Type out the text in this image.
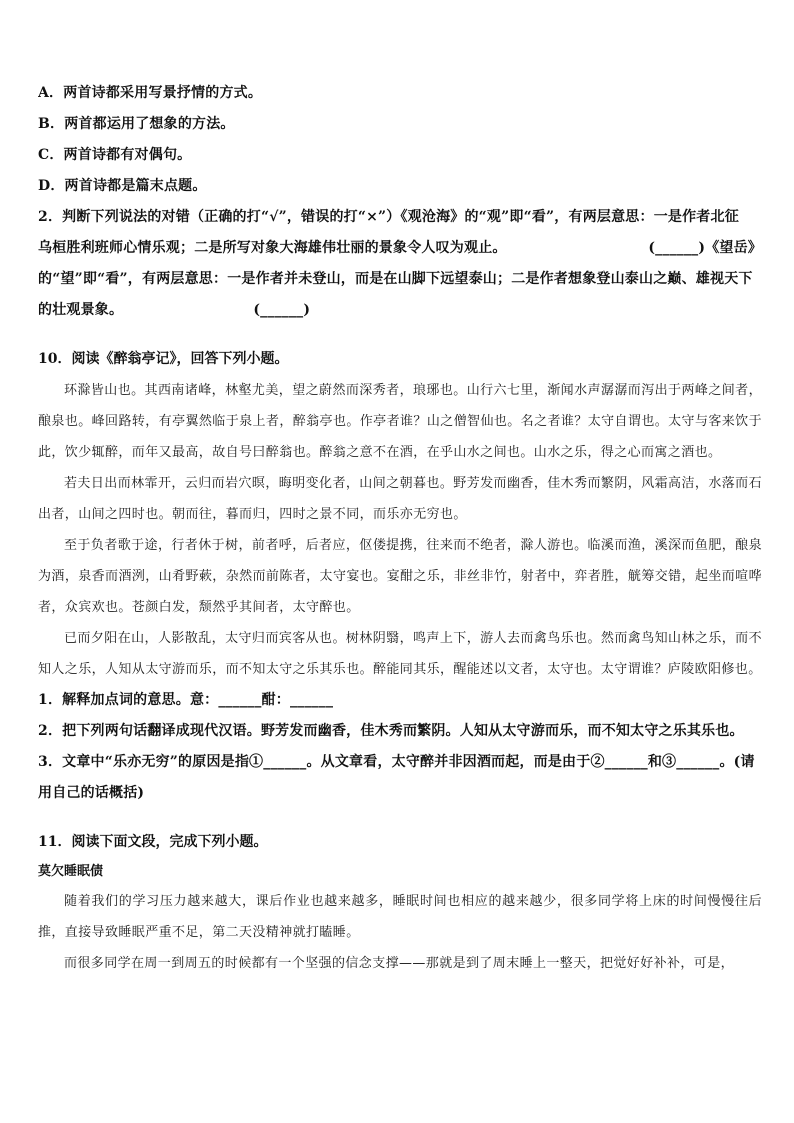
A．两首诗都采用写景抒情的方式。
B．两首都运用了想象的方法。
C．两首诗都有对偶句。
D．两首诗都是篇末点题。
2．判断下列说法的对错（正确的打“√”，错误的打“×”）《观沧海》的“观”即“看”，有两层意思：一是作者北征
乌桓胜利班师心情乐观；二是所写对象大海雄伟壮丽的景象令人叹为观止。	(______)《望岳》
的“望”即“看”，有两层意思：一是作者并未登山，而是在山脚下远望泰山；二是作者想象登山泰山之巅、雄视天下
的壮观景象。	(______)
10．阅读《醉翁亭记》，回答下列小题。

环滁皆山也。其西南诸峰，林壑尤美，望之蔚然而深秀者，琅琊也。山行六七里，渐闻水声潺潺而泻出于两峰之间者，酿泉也。峰回路转，有亭翼然临于泉上者，醉翁亭也。作亭者谁？山之僧智仙也。名之者谁？太守自谓也。太守与客来饮于此，饮少辄醉，而年又最高，故自号曰醉翁也。醉翁之意不在酒，在乎山水之间也。山水之乐，得之心而寓之酒也。

若夫日出而林霏开，云归而岩穴暝，晦明变化者，山间之朝暮也。野芳发而幽香，佳木秀而繁阴，风霜高洁，水落而石出者，山间之四时也。朝而往，暮而归，四时之景不同，而乐亦无穷也。

至于负者歌于途，行者休于树，前者呼，后者应，伛偻提携，往来而不绝者，滁人游也。临溪而渔，溪深而鱼肥，酿泉为酒，泉香而酒洌，山肴野蔌，杂然而前陈者，太守宴也。宴酣之乐，非丝非竹，射者中，弈者胜，觥筹交错，起坐而喧哗者，众宾欢也。苍颜白发，颓然乎其间者，太守醉也。

已而夕阳在山，人影散乱，太守归而宾客从也。树林阴翳，鸣声上下，游人去而禽鸟乐也。然而禽鸟知山林之乐，而不知人之乐，人知从太守游而乐，而不知太守之乐其乐也。醉能同其乐，醒能述以文者，太守也。太守谓谁？庐陵欧阳修也。

1．解释加点词的意思。意：______酣：______
2．把下列两句话翻译成现代汉语。野芳发而幽香，佳木秀而繁阴。人知从太守游而乐，而不知太守之乐其乐也。
3．文章中“乐亦无穷”的原因是指①______。从文章看，太守醉并非因酒而起，而是由于②______和③______。(请
用自己的话概括)
11．阅读下面文段，完成下列小题。
莫欠睡眠债

随着我们的学习压力越来越大，课后作业也越来越多，睡眠时间也相应的越来越少，很多同学将上床的时间慢慢往后推，直接导致睡眠严重不足，第二天没精神就打瞌睡。

而很多同学在周一到周五的时候都有一个坚强的信念支撑——那就是到了周末睡上一整天，把觉好好补补，可是，
